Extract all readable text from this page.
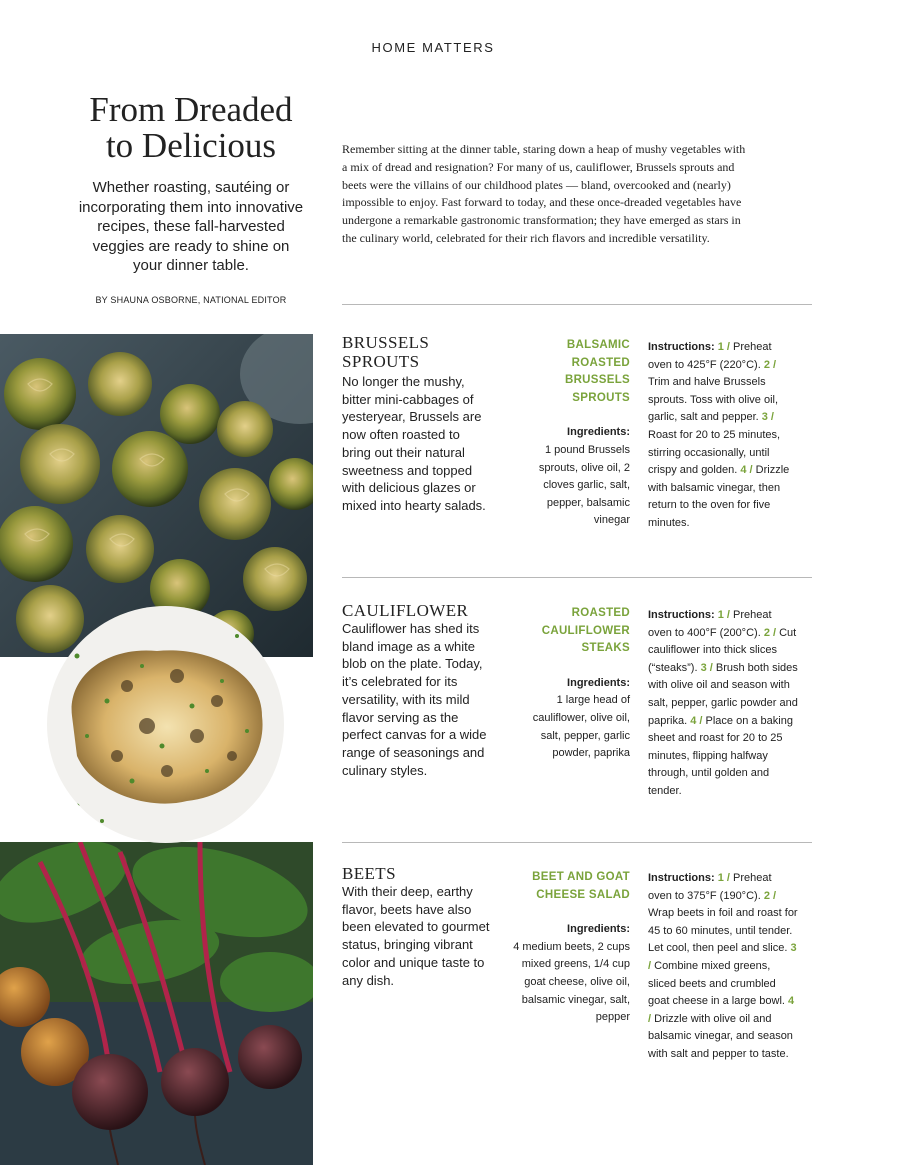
HOME MATTERS
From Dreaded
to Delicious

Whether roasting, sautéing or incorporating them into innovative recipes, these fall-harvested veggies are ready to shine on your dinner table.

BY SHAUNA OSBORNE, NATIONAL EDITOR

Remember sitting at the dinner table, staring down a heap of mushy vegetables with a mix of dread and resignation? For many of us, cauliflower, Brussels sprouts and beets were the villains of our childhood plates — bland, overcooked and (nearly) impossible to enjoy. Fast forward to today, and these once-dreaded vegetables have undergone a remarkable gastronomic transformation; they have emerged as stars in the culinary world, celebrated for their rich flavors and incredible versatility.

BRUSSELS SPROUTS

No longer the mushy, bitter mini-cabbages of yesteryear, Brussels are now often roasted to bring out their natural sweetness and topped with delicious glazes or mixed into hearty salads.

BALSAMIC ROASTED BRUSSELS SPROUTS

Ingredients:
1 pound Brussels sprouts, olive oil, 2 cloves garlic, salt, pepper, balsamic vinegar

Instructions: 1 / Preheat oven to 425°F (220°C). 2 / Trim and halve Brussels sprouts. Toss with olive oil, garlic, salt and pepper. 3 / Roast for 20 to 25 minutes, stirring occasionally, until crispy and golden. 4 / Drizzle with balsamic vinegar, then return to the oven for five minutes.

CAULIFLOWER

Cauliflower has shed its bland image as a white blob on the plate. Today, it’s celebrated for its versatility, with its mild flavor serving as the perfect canvas for a wide range of seasonings and culinary styles.

ROASTED CAULIFLOWER STEAKS

Ingredients:
1 large head of cauliflower, olive oil, salt, pepper, garlic powder, paprika

Instructions: 1 / Preheat oven to 400°F (200°C). 2 / Cut cauliflower into thick slices (“steaks”). 3 / Brush both sides with olive oil and season with salt, pepper, garlic powder and paprika. 4 / Place on a baking sheet and roast for 20 to 25 minutes, flipping halfway through, until golden and tender.

BEETS

With their deep, earthy flavor, beets have also been elevated to gourmet status, bringing vibrant color and unique taste to any dish.

BEET AND GOAT CHEESE SALAD

Ingredients:
4 medium beets, 2 cups mixed greens, 1/4 cup goat cheese, olive oil, balsamic vinegar, salt, pepper

Instructions: 1 / Preheat oven to 375°F (190°C). 2 / Wrap beets in foil and roast for 45 to 60 minutes, until tender. Let cool, then peel and slice. 3 / Combine mixed greens, sliced beets and crumbled goat cheese in a large bowl. 4 / Drizzle with olive oil and balsamic vinegar, and season with salt and pepper to taste.
